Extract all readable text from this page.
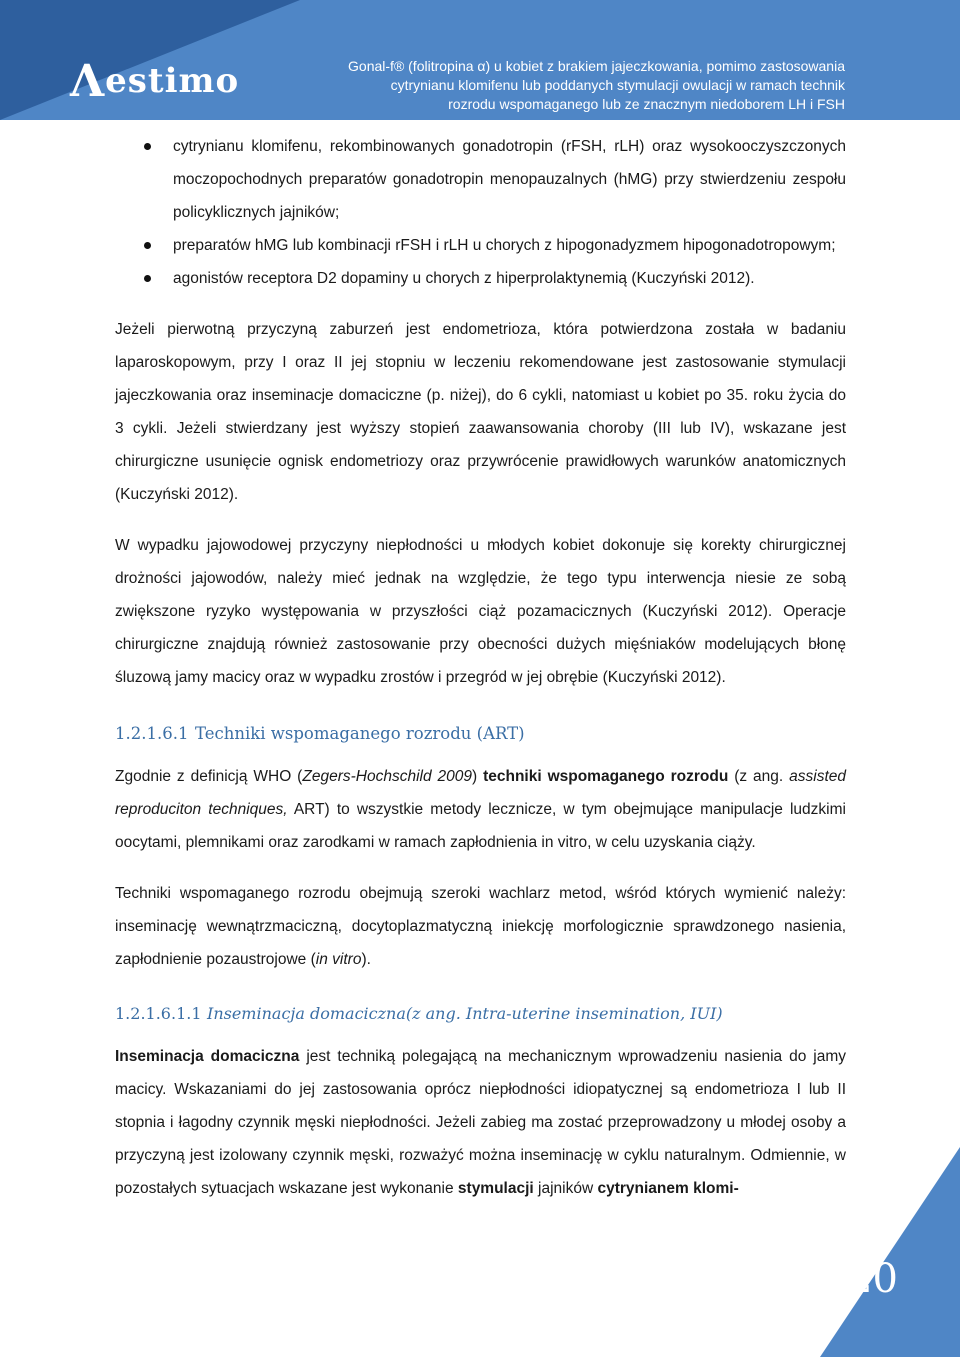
Λestimo	Gonal-f® (folitropina α) u kobiet z brakiem jajeczkowania, pomimo zastosowania
cytrynianu klomifenu lub poddanych stymulacji owulacji w ramach technik
rozrodu wspomaganego lub ze znacznym niedoborem LH i FSH
cytrynianu klomifenu, rekombinowanych gonadotropin (rFSH, rLH) oraz wysokooczyszczonych moczopochodnych preparatów gonadotropin menopauzalnych (hMG) przy stwierdzeniu zespołu policyklicznych jajników;
preparatów hMG lub kombinacji rFSH i rLH u chorych z hipogonadyzmem hipogonadotropowym;
agonistów receptora D2 dopaminy u chorych z hiperprolaktynemią (Kuczyński 2012).

Jeżeli pierwotną przyczyną zaburzeń jest endometrioza, która potwierdzona została w badaniu laparoskopowym, przy I oraz II jej stopniu w leczeniu rekomendowane jest zastosowanie stymulacji jajeczkowania oraz inseminacje domaciczne (p. niżej), do 6 cykli, natomiast u kobiet po 35. roku życia do 3 cykli. Jeżeli stwierdzany jest wyższy stopień zaawansowania choroby (III lub IV), wskazane jest chirurgiczne usunięcie ognisk endometriozy oraz przywrócenie prawidłowych warunków anatomicznych (Kuczyński 2012).

W wypadku jajowodowej przyczyny niepłodności u młodych kobiet dokonuje się korekty chirurgicznej drożności jajowodów, należy mieć jednak na względzie, że tego typu interwencja niesie ze sobą zwiększone ryzyko występowania w przyszłości ciąż pozamacicznych (Kuczyński 2012). Operacje chirurgiczne znajdują również zastosowanie przy obecności dużych mięśniaków modelujących błonę śluzową jamy macicy oraz w wypadku zrostów i przegród w jej obrębie (Kuczyński 2012).

1.2.1.6.1 Techniki wspomaganego rozrodu (ART)

Zgodnie z definicją WHO (Zegers-Hochschild 2009) techniki wspomaganego rozrodu (z ang. assisted reproduciton techniques, ART) to wszystkie metody lecznicze, w tym obejmujące manipulacje ludzkimi oocytami, plemnikami oraz zarodkami w ramach zapłodnienia in vitro, w celu uzyskania ciąży.

Techniki wspomaganego rozrodu obejmują szeroki wachlarz metod, wśród których wymienić należy: inseminację wewnątrzmaciczną, docytoplazmatyczną iniekcję morfologicznie sprawdzonego nasienia, zapłodnienie pozaustrojowe (in vitro).

1.2.1.6.1.1 Inseminacja domaciczna(z ang. Intra-uterine insemination, IUI)

Inseminacja domaciczna jest techniką polegającą na mechanicznym wprowadzeniu nasienia do jamy macicy. Wskazaniami do jej zastosowania oprócz niepłodności idiopatycznej są endometrioza I lub II stopnia i łagodny czynnik męski niepłodności. Jeżeli zabieg ma zostać przeprowadzony u młodej osoby a przyczyną jest izolowany czynnik męski, rozważyć można inseminację w cyklu naturalnym. Odmiennie, w pozostałych sytuacjach wskazane jest wykonanie stymulacji jajników cytrynianem klomi-

20
